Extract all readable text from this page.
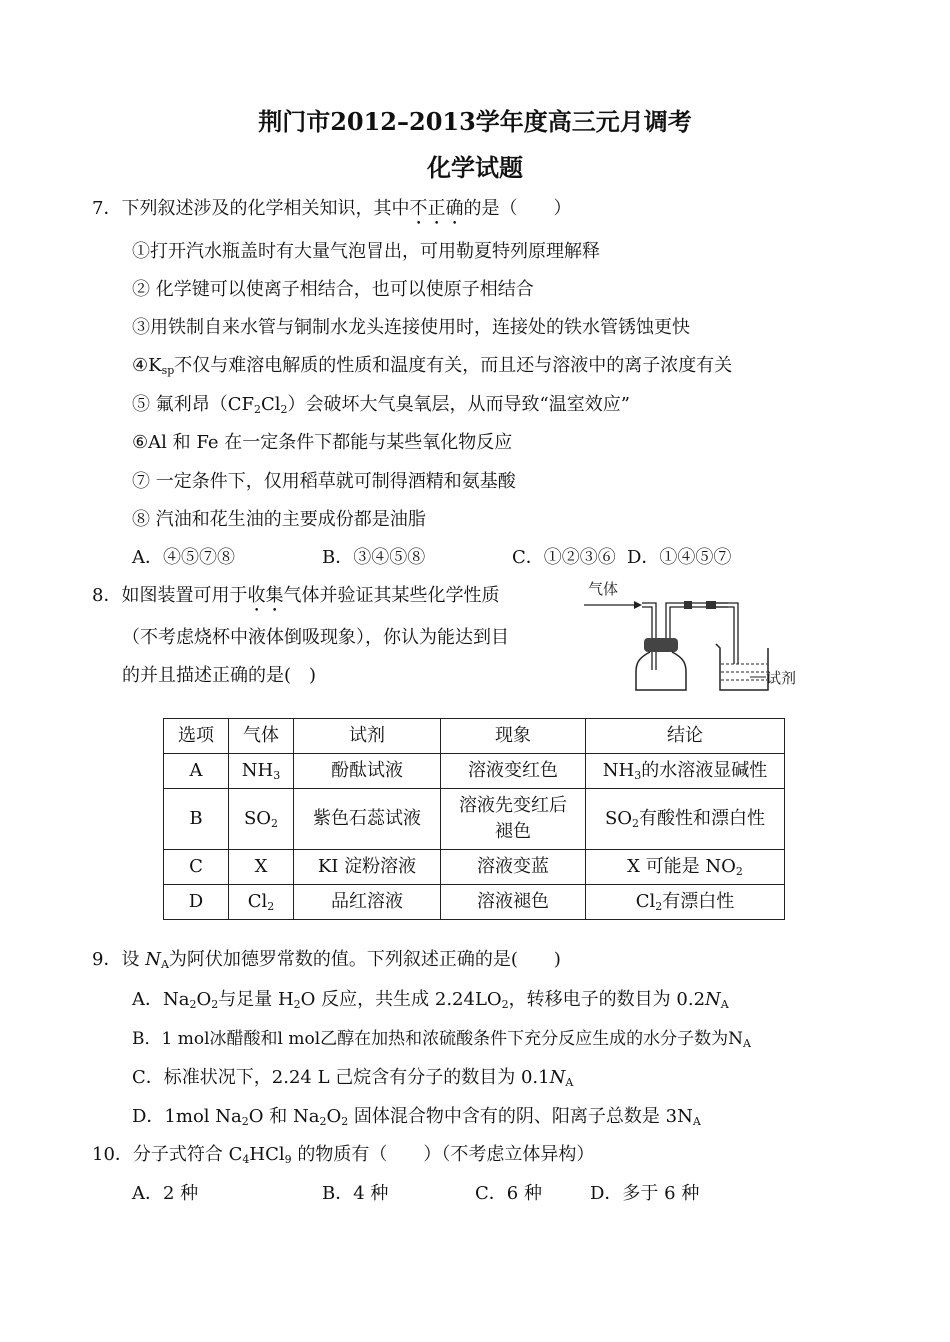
荆门市2012–2013学年度高三元月调考
化学试题
7．下列叙述涉及的化学相关知识，其中不正确的是（　　）
①打开汽水瓶盖时有大量气泡冒出，可用勒夏特列原理解释
② 化学键可以使离子相结合，也可以使原子相结合
③用铁制自来水管与铜制水龙头连接使用时，连接处的铁水管锈蚀更快
$④K_{sp}$不仅与难溶电解质的性质和温度有关，而且还与溶液中的离子浓度有关
⑤ 氟利昂$(CF_2Cl_2)$会破坏大气臭氧层，从而导致“温室效应”
⑥Al 和 Fe 在一定条件下都能与某些氧化物反应
⑦ 一定条件下，仅用稻草就可制得酒精和氨基酸
⑧ 汽油和花生油的主要成份都是油脂
A．④⑤⑦⑧	B．③④⑤⑧	C．①②③⑥ D．①④⑤⑦
8．如图装置可用于收集气体并验证其某些化学性质
（不考虑烧杯中液体倒吸现象），你认为能达到目
的并且描述正确的是(　)
气体
试剂
选项	气体	试剂	现象	结论
A	$NH_3$	酚酞试液	溶液变红色	$NH_3$的水溶液显碱性
B	$SO_2$	紫色石蕊试液	溶液先变红后
褪色	$SO_2$有酸性和漂白性
C	X	KI 淀粉溶液	溶液变蓝	X 可能是 $NO_2$
D	$Cl_2$	品红溶液	溶液褪色	$Cl_2$有漂白性
9．设 $N_A$为阿伏加德罗常数的值。下列叙述正确的是(　　)
A．$Na_2O_2$与足量 $H_2O$ 反应，共生成 $2.24LO_2$，转移电子的数目为 $0.2N_A$
B．1 mol冰醋酸和l mol乙醇在加热和浓硫酸条件下充分反应生成的水分子数为$N_A$
C．标准状况下，2.24 L 己烷含有分子的数目为 $0.1N_A$
D．1mol $Na_2O$ 和 $Na_2O_2$ 固体混合物中含有的阴、阳离子总数是 $3N_A$
10．分子式符合 $C_4HCl_9$ 的物质有（　　）（不考虑立体异构）
A．2 种	B．4 种	C．6 种	D．多于 6 种
